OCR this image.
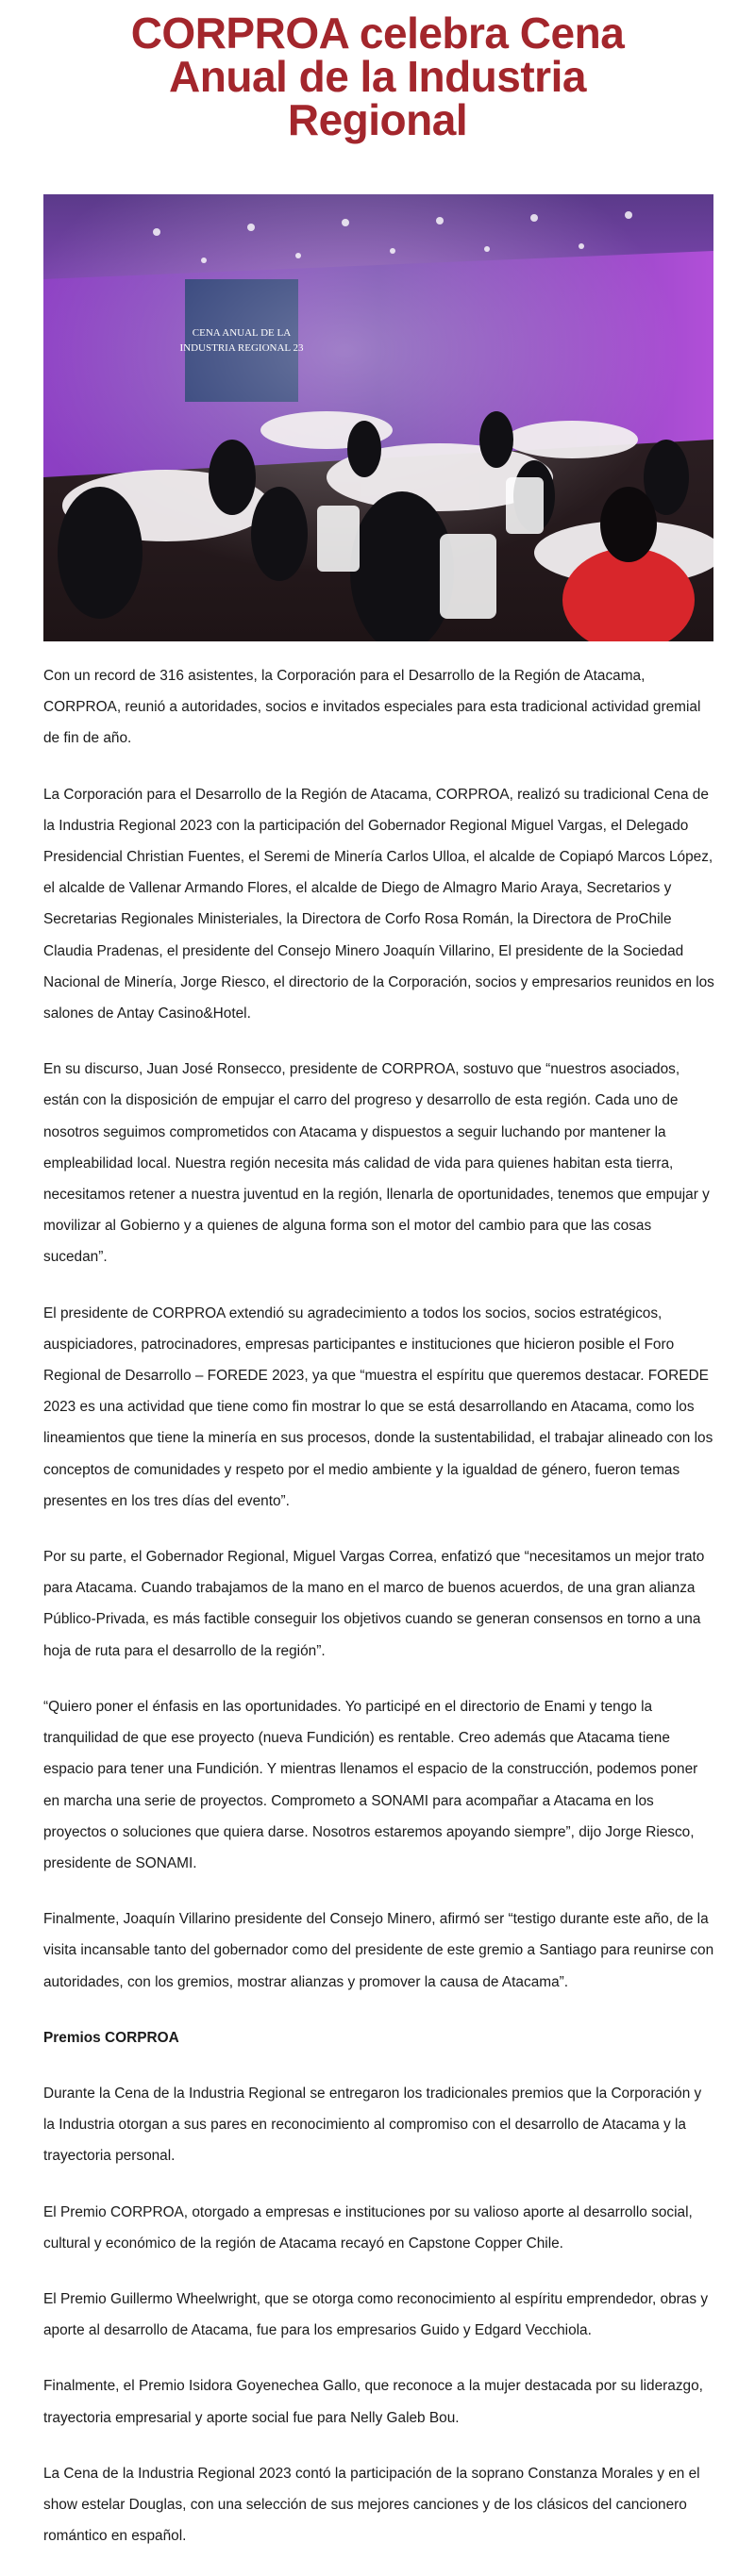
CORPROA celebra Cena
Anual de la Industria
Regional

Con un record de 316 asistentes, la Corporación para el Desarrollo de la Región de Atacama, CORPROA, reunió a autoridades, socios e invitados especiales para esta tradicional actividad gremial de fin de año.

La Corporación para el Desarrollo de la Región de Atacama, CORPROA, realizó su tradicional Cena de la Industria Regional 2023 con la participación del Gobernador Regional Miguel Vargas, el Delegado Presidencial Christian Fuentes, el Seremi de Minería Carlos Ulloa, el alcalde de Copiapó Marcos López, el alcalde de Vallenar Armando Flores, el alcalde de Diego de Almagro Mario Araya, Secretarios y Secretarias Regionales Ministeriales, la Directora de Corfo Rosa Román, la Directora de ProChile Claudia Pradenas, el presidente del Consejo Minero Joaquín Villarino, El presidente de la Sociedad Nacional de Minería, Jorge Riesco, el directorio de la Corporación, socios y empresarios reunidos en los salones de Antay Casino&Hotel.

En su discurso, Juan José Ronsecco, presidente de CORPROA, sostuvo que “nuestros asociados, están con la disposición de empujar el carro del progreso y desarrollo de esta región. Cada uno de nosotros seguimos comprometidos con Atacama y dispuestos a seguir luchando por mantener la empleabilidad local. Nuestra región necesita más calidad de vida para quienes habitan esta tierra, necesitamos retener a nuestra juventud en la región, llenarla de oportunidades, tenemos que empujar y movilizar al Gobierno y a quienes de alguna forma son el motor del cambio para que las cosas sucedan”.

El presidente de CORPROA extendió su agradecimiento a todos los socios, socios estratégicos, auspiciadores, patrocinadores, empresas participantes e instituciones que hicieron posible el Foro Regional de Desarrollo – FOREDE 2023, ya que “muestra el espíritu que queremos destacar. FOREDE 2023 es una actividad que tiene como fin mostrar lo que se está desarrollando en Atacama, como los lineamientos que tiene la minería en sus procesos, donde la sustentabilidad, el trabajar alineado con los conceptos de comunidades y respeto por el medio ambiente y la igualdad de género, fueron temas presentes en los tres días del evento”.

Por su parte, el Gobernador Regional, Miguel Vargas Correa, enfatizó que “necesitamos un mejor trato para Atacama. Cuando trabajamos de la mano en el marco de buenos acuerdos, de una gran alianza Público-Privada, es más factible conseguir los objetivos cuando se generan consensos en torno a una hoja de ruta para el desarrollo de la región”.

“Quiero poner el énfasis en las oportunidades. Yo participé en el directorio de Enami y tengo la tranquilidad de que ese proyecto (nueva Fundición) es rentable. Creo además que Atacama tiene espacio para tener una Fundición. Y mientras llenamos el espacio de la construcción, podemos poner en marcha una serie de proyectos. Comprometo a SONAMI para acompañar a Atacama en los proyectos o soluciones que quiera darse. Nosotros estaremos apoyando siempre”, dijo Jorge Riesco, presidente de SONAMI.

Finalmente, Joaquín Villarino presidente del Consejo Minero, afirmó ser “testigo durante este año, de la visita incansable tanto del gobernador como del presidente de este gremio a Santiago para reunirse con autoridades, con los gremios, mostrar alianzas y promover la causa de Atacama”.

Premios CORPROA

Durante la Cena de la Industria Regional se entregaron los tradicionales premios que la Corporación y la Industria otorgan a sus pares en reconocimiento al compromiso con el desarrollo de Atacama y la trayectoria personal.

El Premio CORPROA, otorgado a empresas e instituciones por su valioso aporte al desarrollo social, cultural y económico de la región de Atacama recayó en Capstone Copper Chile.

El Premio Guillermo Wheelwright, que se otorga como reconocimiento al espíritu emprendedor, obras y aporte al desarrollo de Atacama, fue para los empresarios Guido y Edgard Vecchiola.

Finalmente, el Premio Isidora Goyenechea Gallo, que reconoce a la mujer destacada por su liderazgo, trayectoria empresarial y aporte social fue para Nelly Galeb Bou.

La Cena de la Industria Regional 2023 contó la participación de la soprano Constanza Morales y en el show estelar Douglas, con una selección de sus mejores canciones y de los clásicos del cancionero romántico en español.
